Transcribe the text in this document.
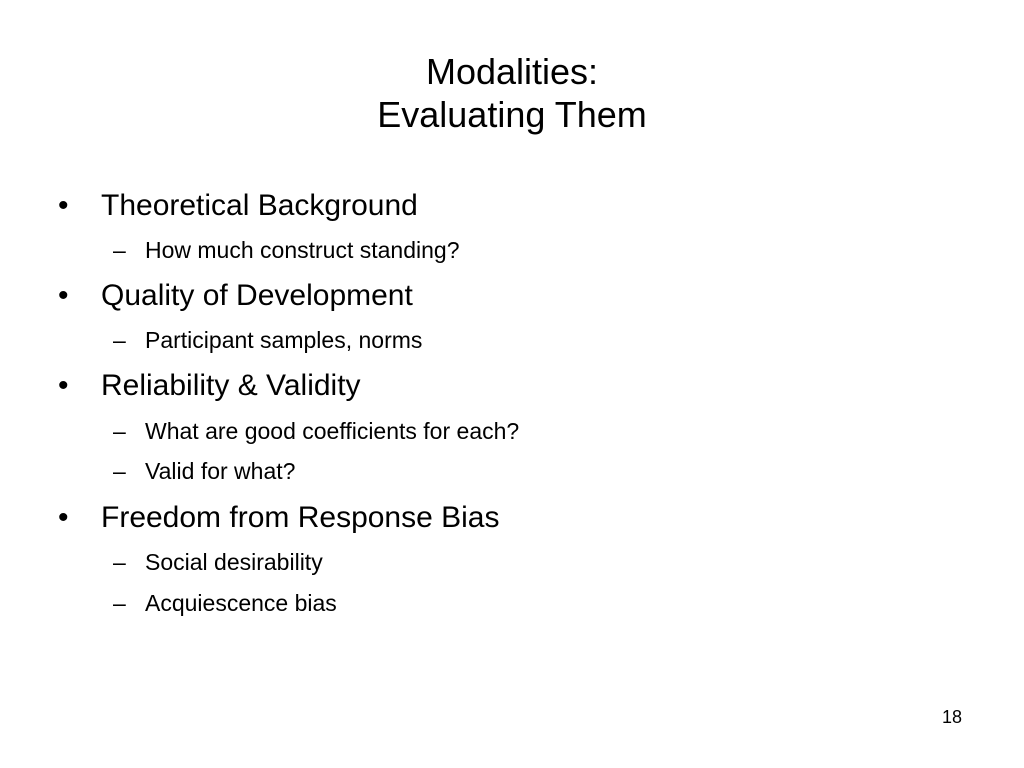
Modalities:
Evaluating Them
•	Theoretical Background
– How much construct standing?
•	Quality of Development
– Participant samples, norms
•	Reliability & Validity
– What are good coefficients for each?
– Valid for what?
•	Freedom from Response Bias
– Social desirability
– Acquiescence bias
18
